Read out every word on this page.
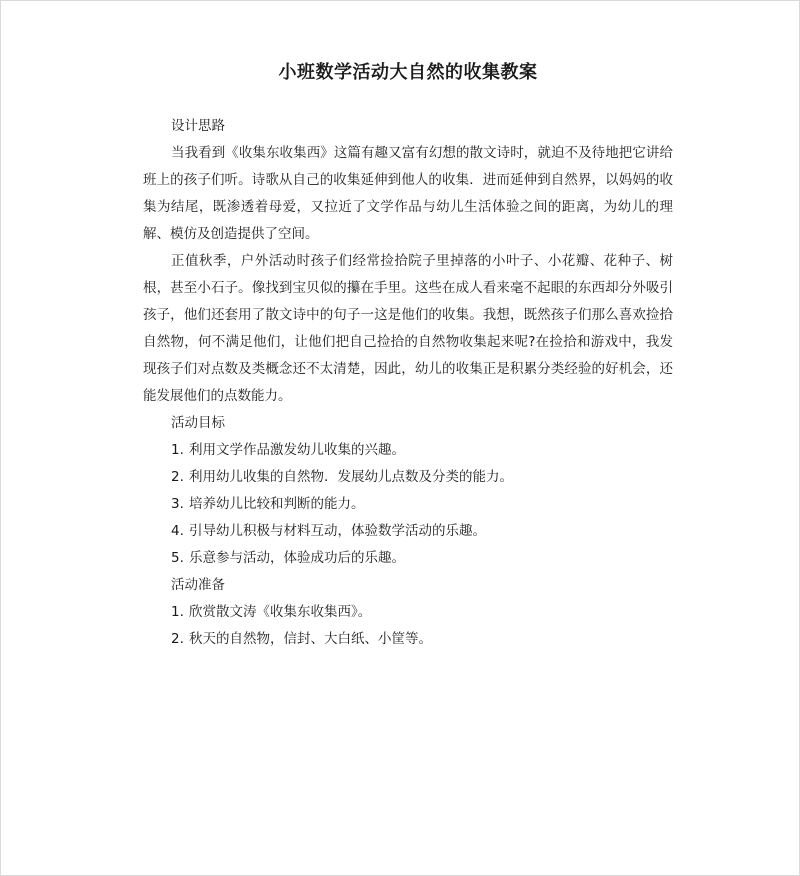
小班数学活动大自然的收集教案
设计思路

当我看到《收集东收集西》这篇有趣又富有幻想的散文诗时，就迫不及待地把它讲给班上的孩子们听。诗歌从自己的收集延伸到他人的收集．进而延伸到自然界，以妈妈的收集为结尾，既渗透着母爱，又拉近了文学作品与幼儿生活体验之间的距离，为幼儿的理解、模仿及创造提供了空间。

正值秋季，户外活动时孩子们经常捡拾院子里掉落的小叶子、小花瓣、花种子、树根，甚至小石子。像找到宝贝似的攥在手里。这些在成人看来毫不起眼的东西却分外吸引孩子，他们还套用了散文诗中的句子一这是他们的收集。我想，既然孩子们那么喜欢捡拾自然物，何不满足他们，让他们把自己捡拾的自然物收集起来呢?在捡拾和游戏中，我发现孩子们对点数及类概念还不太清楚，因此，幼儿的收集正是积累分类经验的好机会，还能发展他们的点数能力。

活动目标
1. 利用文学作品激发幼儿收集的兴趣。
2. 利用幼儿收集的自然物．发展幼儿点数及分类的能力。
3. 培养幼儿比较和判断的能力。
4. 引导幼儿积极与材料互动，体验数学活动的乐趣。
5. 乐意参与活动，体验成功后的乐趣。
活动准备
1. 欣赏散文涛《收集东收集西》。
2. 秋天的自然物，信封、大白纸、小筐等。
